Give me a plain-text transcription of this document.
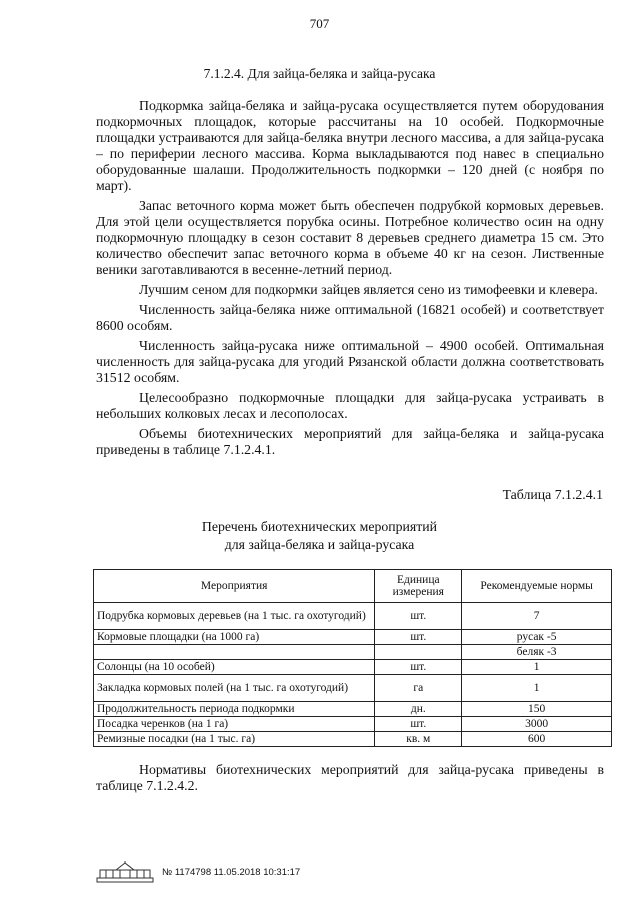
707
7.1.2.4. Для зайца-беляка и зайца-русака

Подкормка зайца-беляка и зайца-русака осуществляется путем оборудования подкормочных площадок, которые рассчитаны на 10 особей. Подкормочные площадки устраиваются для зайца-беляка внутри лесного массива, а для зайца-русака – по периферии лесного массива. Корма выкладываются под навес в специально оборудованные шалаши. Продолжительность подкормки – 120 дней (с ноября по март).

Запас веточного корма может быть обеспечен подрубкой кормовых деревьев. Для этой цели осуществляется порубка осины. Потребное количество осин на одну подкормочную площадку в сезон составит 8 деревьев среднего диаметра 15 см. Это количество обеспечит запас веточного корма в объеме 40 кг на сезон. Лиственные веники заготавливаются в весенне-летний период.

Лучшим сеном для подкормки зайцев является сено из тимофеевки и клевера.

Численность зайца-беляка ниже оптимальной (16821 особей) и соответствует 8600 особям.

Численность зайца-русака ниже оптимальной – 4900 особей. Оптимальная численность для зайца-русака для угодий Рязанской области должна соответствовать 31512 особям.

Целесообразно подкормочные площадки для зайца-русака устраивать в небольших колковых лесах и лесополосах.

Объемы биотехнических мероприятий для зайца-беляка и зайца-русака приведены в таблице 7.1.2.4.1.

Таблица 7.1.2.4.1
Перечень биотехнических мероприятий
для зайца-беляка и зайца-русака
Мероприятия	Единица измерения	Рекомендуемые нормы
Подрубка кормовых деревьев (на 1 тыс. га охотугодий)	шт.	7
Кормовые площадки (на 1000 га)	шт.	русак -5
		беляк -3
Солонцы (на 10 особей)	шт.	1
Закладка кормовых полей (на 1 тыс. га охотугодий)	га	1
Продолжительность периода подкормки	дн.	150
Посадка черенков (на 1 га)	шт.	3000
Ремизные посадки (на 1 тыс. га)	кв. м	600

Нормативы биотехнических мероприятий для зайца-русака приведены в таблице 7.1.2.4.2.

№ 1174798 11.05.2018 10:31:17
